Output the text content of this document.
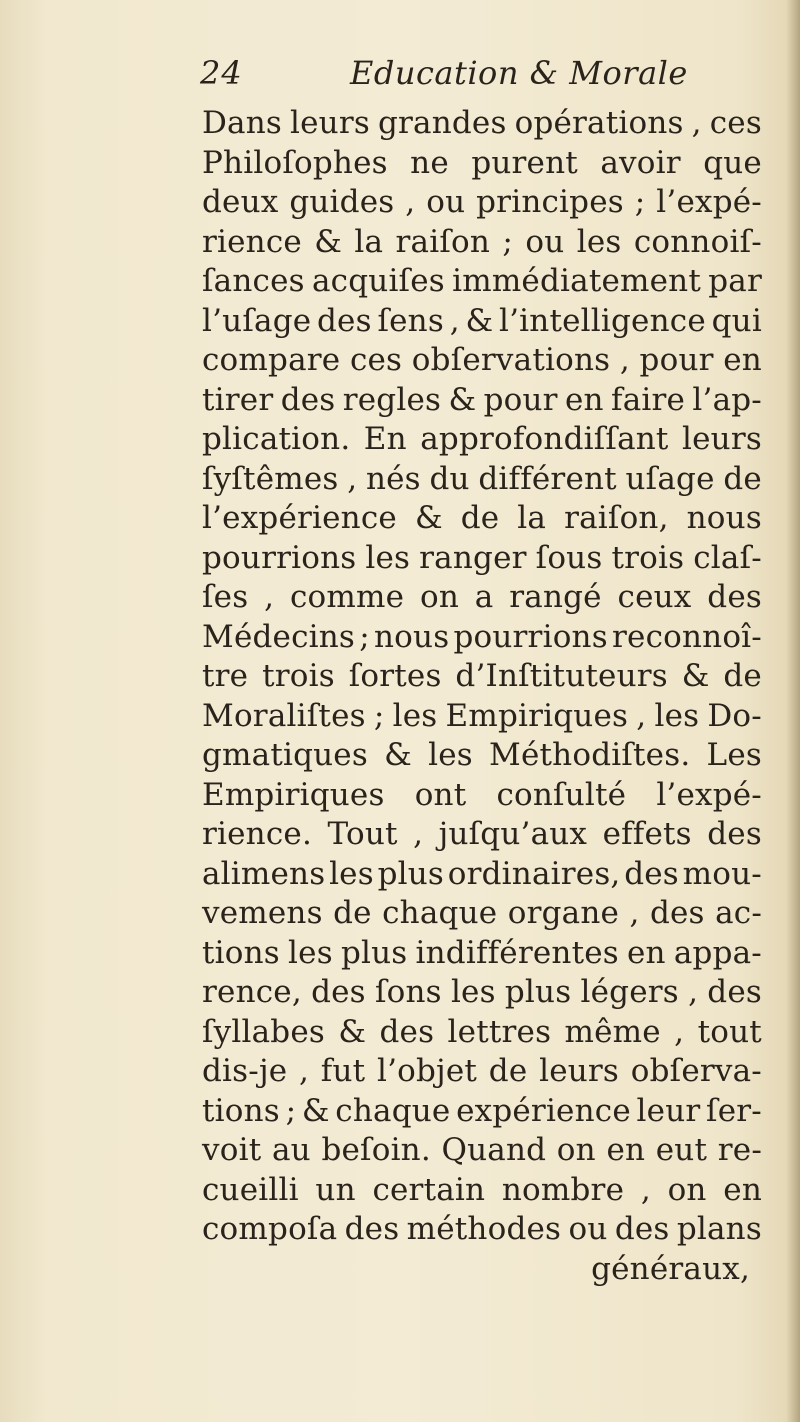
24	Education & Morale
Dans leurs grandes opérations , ces
Philoſophes ne purent avoir que
deux guides , ou principes ; l’expé-
rience & la raiſon ; ou les connoiſ-
ſances acquiſes immédiatement par
l’uſage des ſens , & l’intelligence qui
compare ces obſervations , pour en
tirer des regles & pour en faire l’ap-
plication. En approfondiſſant leurs
ſyſtêmes , nés du différent uſage de
l’expérience & de la raiſon, nous
pourrions les ranger ſous trois claſ-
ſes , comme on a rangé ceux des
Médecins ; nous pourrions reconnoî-
tre trois ſortes d’Inſtituteurs & de
Moraliſtes ; les Empiriques , les Do-
gmatiques & les Méthodiſtes. Les
Empiriques ont conſulté l’expé-
rience. Tout , juſqu’aux effets des
alimens les plus ordinaires, des mou-
vemens de chaque organe , des ac-
tions les plus indifférentes en appa-
rence, des ſons les plus légers , des
ſyllabes & des lettres même , tout
dis-je , fut l’objet de leurs obſerva-
tions ; & chaque expérience leur ſer-
voit au beſoin. Quand on en eut re-
cueilli un certain nombre , on en
compoſa des méthodes ou des plans
généraux,
